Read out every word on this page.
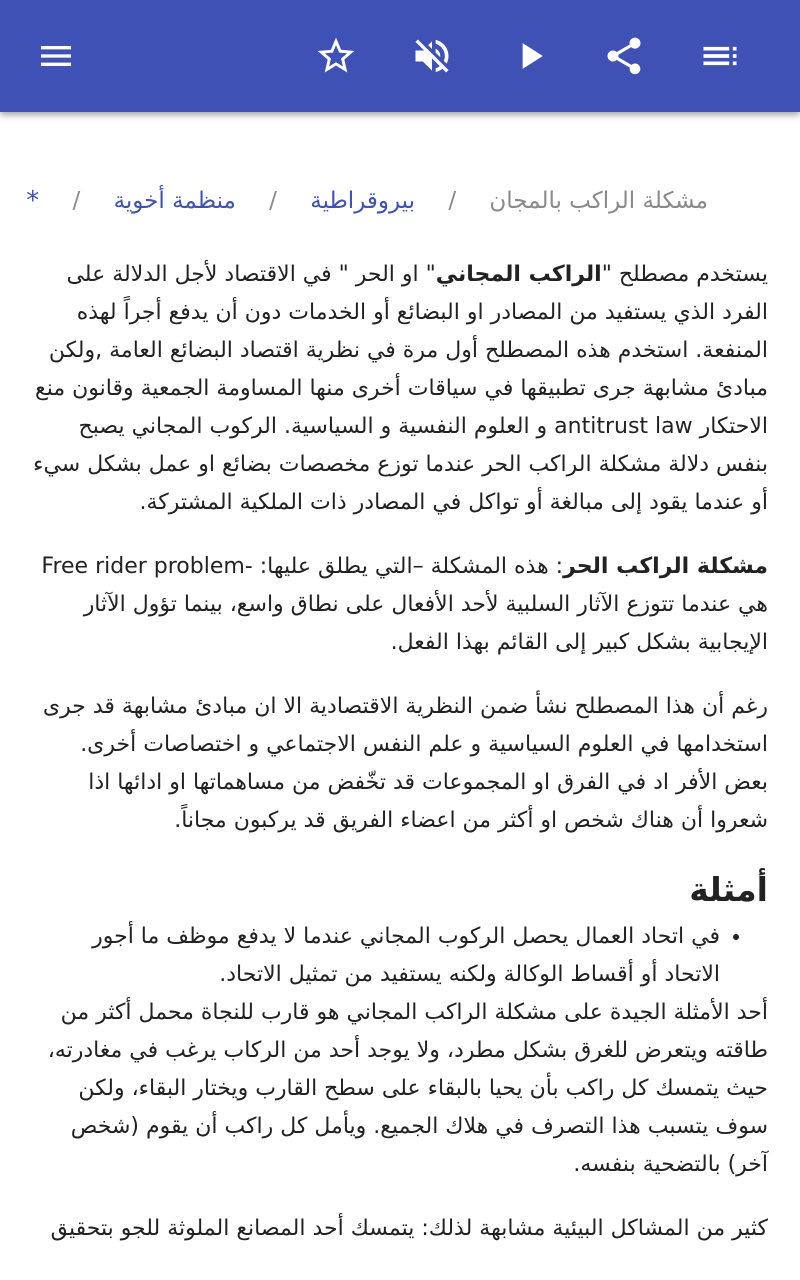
مشكلة الراكب بالمجان / بيروقراطية / منظمة أخوية / *

يستخدم مصطلح "الراكب المجاني" او الحر " في الاقتصاد لأجل الدلالة على الفرد الذي يستفيد من المصادر او البضائع أو الخدمات دون أن يدفع أجراً لهذه المنفعة. استخدم هذه المصطلح أول مرة في نظرية اقتصاد البضائع العامة ,ولكن مبادئ مشابهة جرى تطبيقها في سياقات أخرى منها المساومة الجمعية وقانون منع الاحتكار antitrust law و العلوم النفسية و السياسية. الركوب المجاني يصبح بنفس دلالة مشكلة الراكب الحر عندما توزع مخصصات بضائع او عمل بشكل سيء أو عندما يقود إلى مبالغة أو تواكل في المصادر ذات الملكية المشتركة.

مشكلة الراكب الحر: هذه المشكلة –التي يطلق عليها: Free rider problem- هي عندما تتوزع الآثار السلبية لأحد الأفعال على نطاق واسع، بينما تؤول الآثار الإيجابية بشكل كبير إلى القائم بهذا الفعل.

رغم أن هذا المصطلح نشأ ضمن النظرية الاقتصادية الا ان مبادئ مشابهة قد جرى استخدامها في العلوم السياسية و علم النفس الاجتماعي و اختصاصات أخرى. بعض الأفر اد في الفرق او المجموعات قد تخّفض من مساهماتها او ادائها اذا شعروا أن هناك شخص او أكثر من اعضاء الفريق قد يركبون مجاناً.

أمثلة
• في اتحاد العمال يحصل الركوب المجاني عندما لا يدفع موظف ما أجور الاتحاد أو أقساط الوكالة ولكنه يستفيد من تمثيل الاتحاد.

أحد الأمثلة الجيدة على مشكلة الراكب المجاني هو قارب للنجاة محمل أكثر من طاقته ويتعرض للغرق بشكل مطرد، ولا يوجد أحد من الركاب يرغب في مغادرته، حيث يتمسك كل راكب بأن يحيا بالبقاء على سطح القارب ويختار البقاء، ولكن سوف يتسبب هذا التصرف في هلاك الجميع. ويأمل كل راكب أن يقوم (شخص آخر) بالتضحية بنفسه.

كثير من المشاكل البيئية مشابهة لذلك: يتمسك أحد المصانع الملوثة للجو بتحقيق
